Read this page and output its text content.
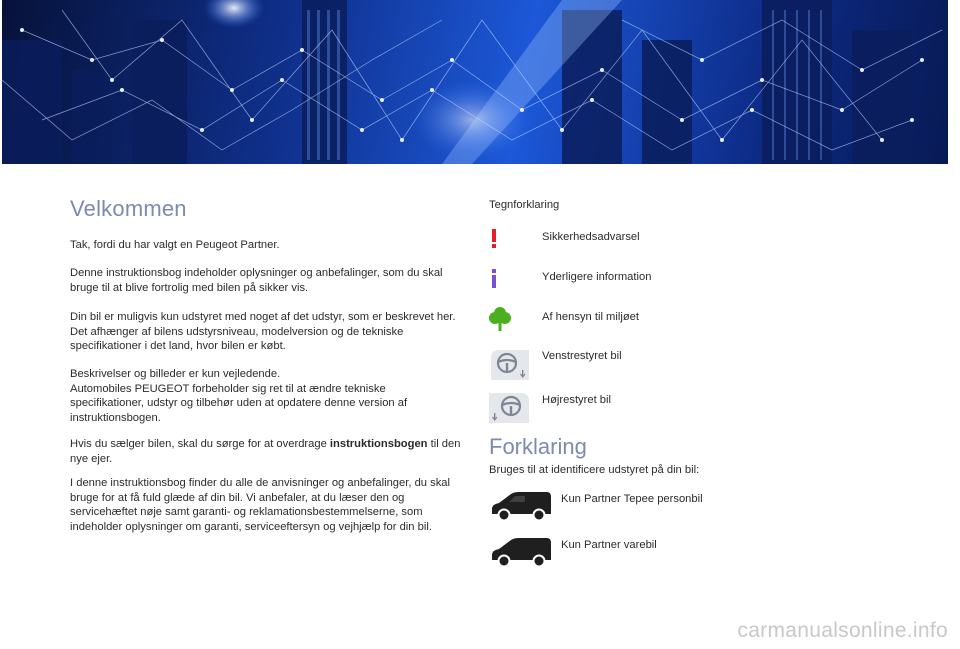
Velkommen

Tak, fordi du har valgt en Peugeot Partner.

Denne instruktionsbog indeholder oplysninger og anbefalinger, som du skal bruge til at blive fortrolig med bilen på sikker vis.

Din bil er muligvis kun udstyret med noget af det udstyr, som er beskrevet her. Det afhænger af bilens udstyrsniveau, modelversion og de tekniske specifikationer i det land, hvor bilen er købt.

Beskrivelser og billeder er kun vejledende.
Automobiles PEUGEOT forbeholder sig ret til at ændre tekniske specifikationer, udstyr og tilbehør uden at opdatere denne version af instruktionsbogen.

Hvis du sælger bilen, skal du sørge for at overdrage instruktionsbogen til den nye ejer.

I denne instruktionsbog finder du alle de anvisninger og anbefalinger, du skal bruge for at få fuld glæde af din bil. Vi anbefaler, at du læser den og servicehæftet nøje samt garanti- og reklamationsbestemmelserne, som indeholder oplysninger om garanti, serviceeftersyn og vejhjælp for din bil.

Tegnforklaring
Sikkerhedsadvarsel
Yderligere information
Af hensyn til miljøet
Venstrestyret bil
Højrestyret bil
Forklaring
Bruges til at identificere udstyret på din bil:
Kun Partner Tepee personbil
Kun Partner varebil
carmanualsonline.info
